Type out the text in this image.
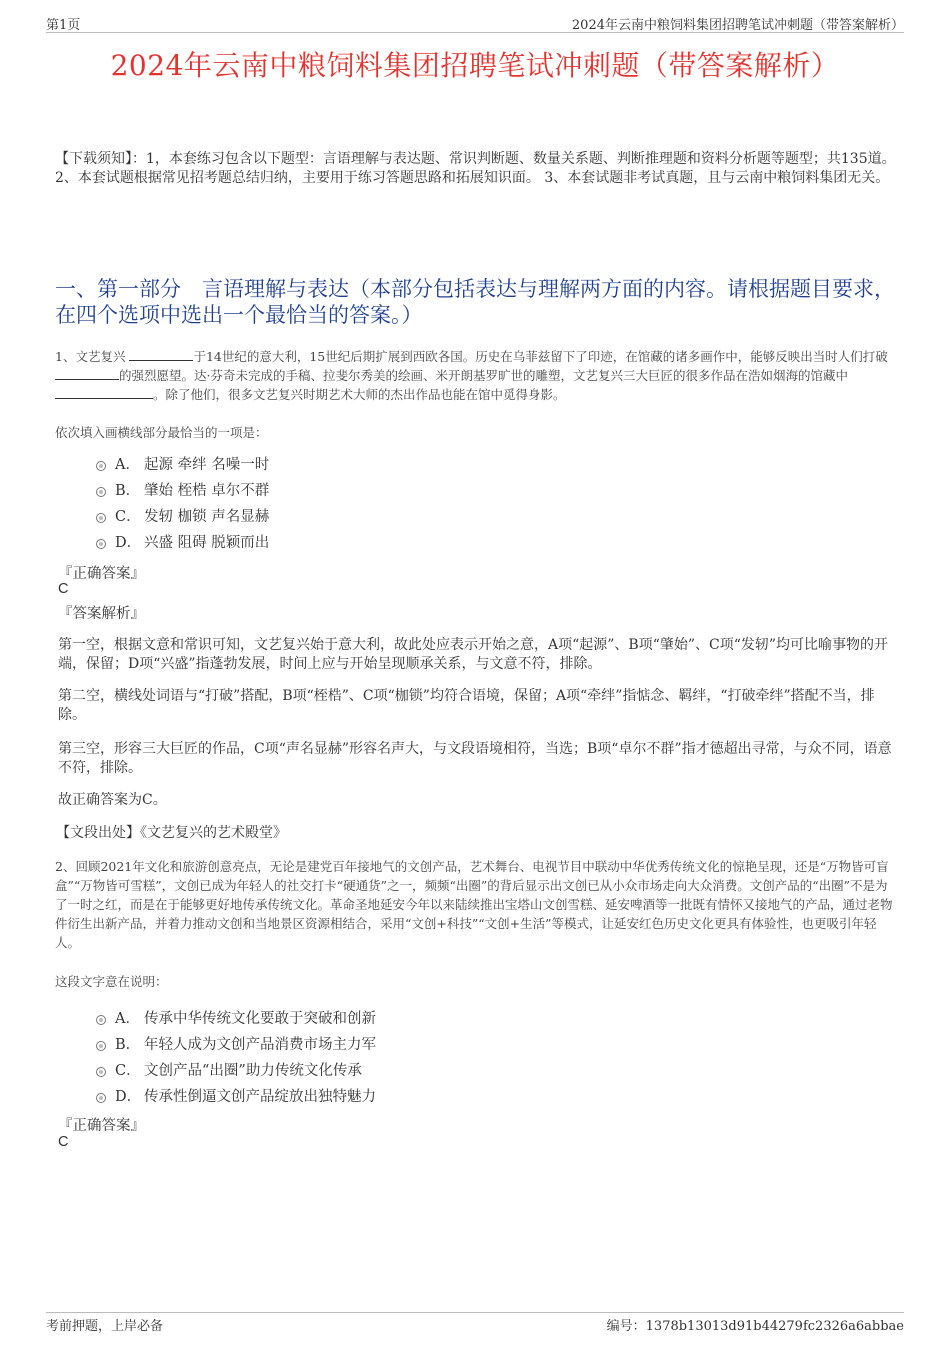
第1页	2024年云南中粮饲料集团招聘笔试冲刺题（带答案解析）
2024年云南中粮饲料集团招聘笔试冲刺题（带答案解析）
【下载须知】：1，本套练习包含以下题型：言语理解与表达题、常识判断题、数量关系题、判断推理题和资料分析题等题型；共135道。 2、本套试题根据常见招考题总结归纳，主要用于练习答题思路和拓展知识面。 3、本套试题非考试真题，且与云南中粮饲料集团无关。
一、第一部分　言语理解与表达（本部分包括表达与理解两方面的内容。请根据题目要求，在四个选项中选出一个最恰当的答案。）
1、文艺复兴	于14世纪的意大利，15世纪后期扩展到西欧各国。历史在乌菲兹留下了印迹，在馆藏的诸多画作中，能够反映出当时人们打破 的强烈愿望。达·芬奇未完成的手稿、拉斐尔秀美的绘画、米开朗基罗旷世的雕塑，文艺复兴三大巨匠的很多作品在浩如烟海的馆藏中 。除了他们，很多文艺复兴时期艺术大师的杰出作品也能在馆中觅得身影。
依次填入画横线部分最恰当的一项是：
A． 起源 牵绊 名噪一时
B． 肇始 桎梏 卓尔不群
C． 发轫 枷锁 声名显赫
D． 兴盛 阻碍 脱颖而出
『正确答案』
C
『答案解析』
第一空，根据文意和常识可知，文艺复兴始于意大利，故此处应表示开始之意，A项“起源”、B项“肇始”、C项“发轫”均可比喻事物的开端，保留；D项“兴盛”指蓬勃发展，时间上应与开始呈现顺承关系，与文意不符，排除。
第二空，横线处词语与“打破”搭配，B项“桎梏”、C项“枷锁”均符合语境，保留；A项“牵绊”指惦念、羁绊，“打破牵绊”搭配不当，排除。
第三空，形容三大巨匠的作品，C项“声名显赫”形容名声大，与文段语境相符，当选；B项“卓尔不群”指才德超出寻常，与众不同，语意不符，排除。
故正确答案为C。
【文段出处】《文艺复兴的艺术殿堂》
2、回顾2021年文化和旅游创意亮点，无论是建党百年接地气的文创产品，艺术舞台、电视节目中联动中华优秀传统文化的惊艳呈现，还是“万物皆可盲盒”“万物皆可雪糕”，文创已成为年轻人的社交打卡“硬通货”之一，频频“出圈”的背后显示出文创已从小众市场走向大众消费。文创产品的“出圈”不是为了一时之红，而是在于能够更好地传承传统文化。革命圣地延安今年以来陆续推出宝塔山文创雪糕、延安啤酒等一批既有情怀又接地气的产品，通过老物件衍生出新产品，并着力推动文创和当地景区资源相结合，采用“文创+科技”“文创+生活”等模式，让延安红色历史文化更具有体验性，也更吸引年轻人。
这段文字意在说明：
A． 传承中华传统文化要敢于突破和创新
B． 年轻人成为文创产品消费市场主力军
C． 文创产品“出圈”助力传统文化传承
D． 传承性倒逼文创产品绽放出独特魅力
『正确答案』
C
考前押题，上岸必备	编号：1378b13013d91b44279fc2326a6abbae
